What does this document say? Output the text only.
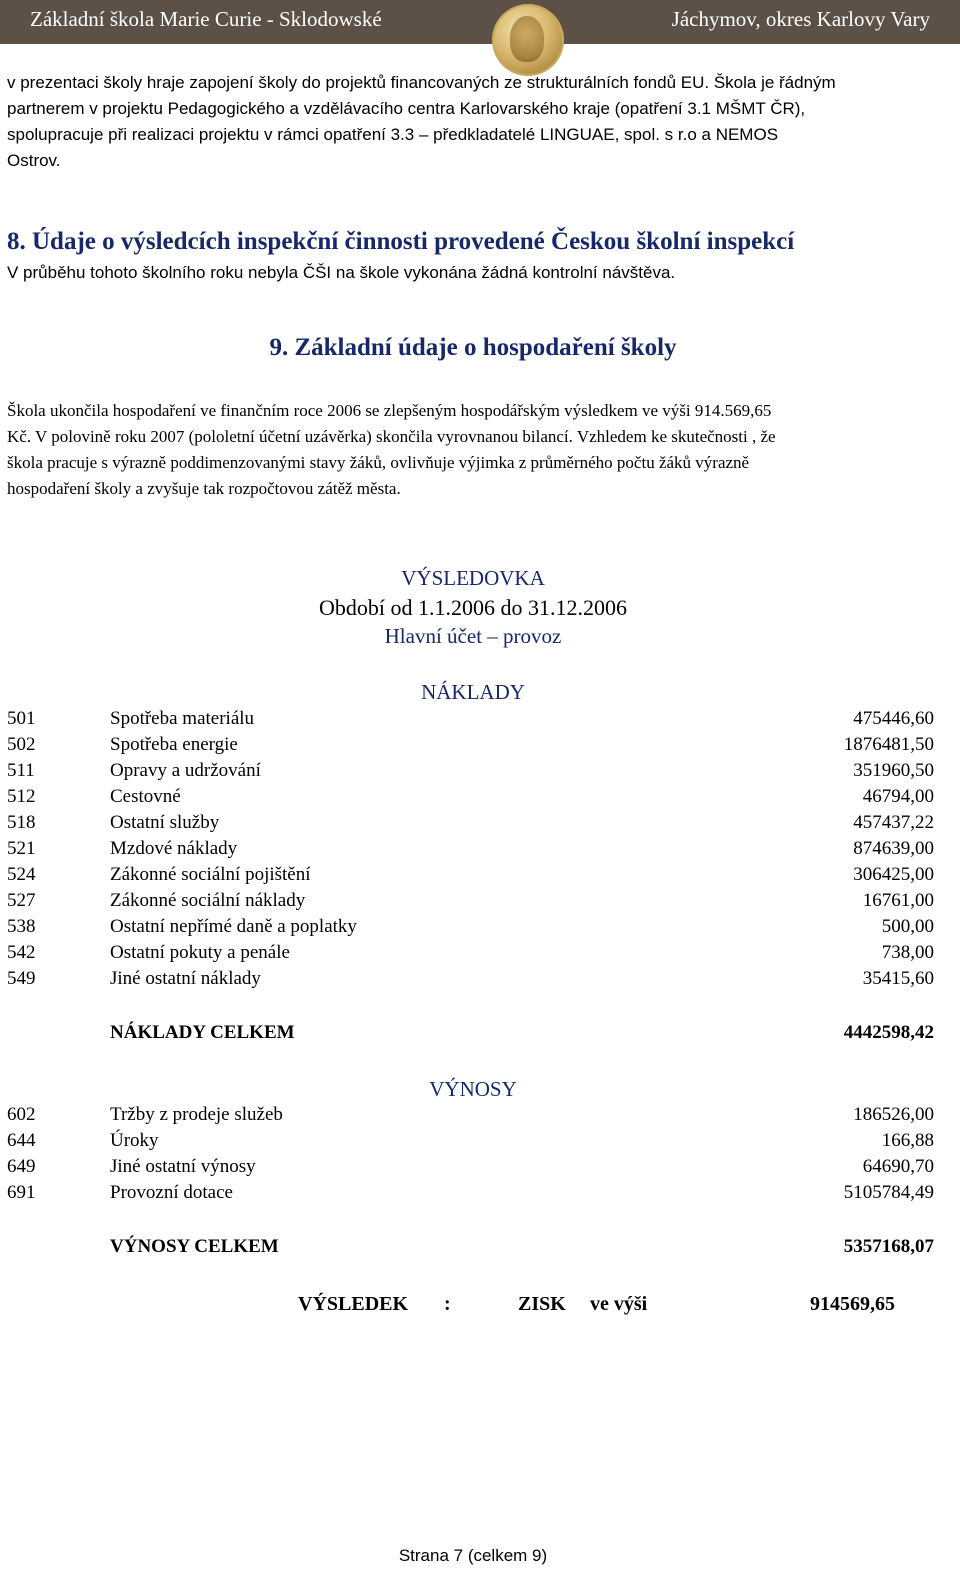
Základní škola Marie Curie - Sklodowské	Jáchymov, okres Karlovy Vary
v prezentaci školy hraje zapojení školy do projektů financovaných ze strukturálních fondů EU. Škola je řádným
partnerem v projektu Pedagogického a vzdělávacího centra Karlovarského kraje (opatření 3.1 MŠMT ČR),
spolupracuje při realizaci projektu v rámci opatření 3.3 – předkladatelé LINGUAE, spol. s r.o a NEMOS
Ostrov.
8. Údaje o výsledcích inspekční činnosti provedené Českou školní inspekcí
V průběhu tohoto školního roku nebyla ČŠI na škole vykonána žádná kontrolní návštěva.
9. Základní údaje o hospodaření školy
Škola ukončila hospodaření ve finančním roce 2006 se zlepšeným hospodářským výsledkem ve výši 914.569,65
Kč. V polovině roku 2007 (pololetní účetní uzávěrka) skončila vyrovnanou bilancí. Vzhledem ke skutečnosti , že
škola pracuje s výrazně poddimenzovanými stavy žáků, ovlivňuje výjimka z průměrného počtu žáků výrazně
hospodaření školy a zvyšuje tak rozpočtovou zátěž města.
VÝSLEDOVKA
Období od 1.1.2006 do 31.12.2006
Hlavní účet – provoz
NÁKLADY
501	Spotřeba materiálu	475446,60
502	Spotřeba energie	1876481,50
511	Opravy a udržování	351960,50
512	Cestovné	46794,00
518	Ostatní služby	457437,22
521	Mzdové náklady	874639,00
524	Zákonné sociální pojištění	306425,00
527	Zákonné sociální náklady	16761,00
538	Ostatní nepřímé daně a poplatky	500,00
542	Ostatní pokuty a penále	738,00
549	Jiné ostatní náklady	35415,60
NÁKLADY CELKEM	4442598,42
VÝNOSY
602	Tržby z prodeje služeb	186526,00
644	Úroky	166,88
649	Jiné ostatní výnosy	64690,70
691	Provozní dotace	5105784,49
VÝNOSY CELKEM	5357168,07
VÝSLEDEK :	ZISK ve výši	914569,65
Strana 7 (celkem 9)
